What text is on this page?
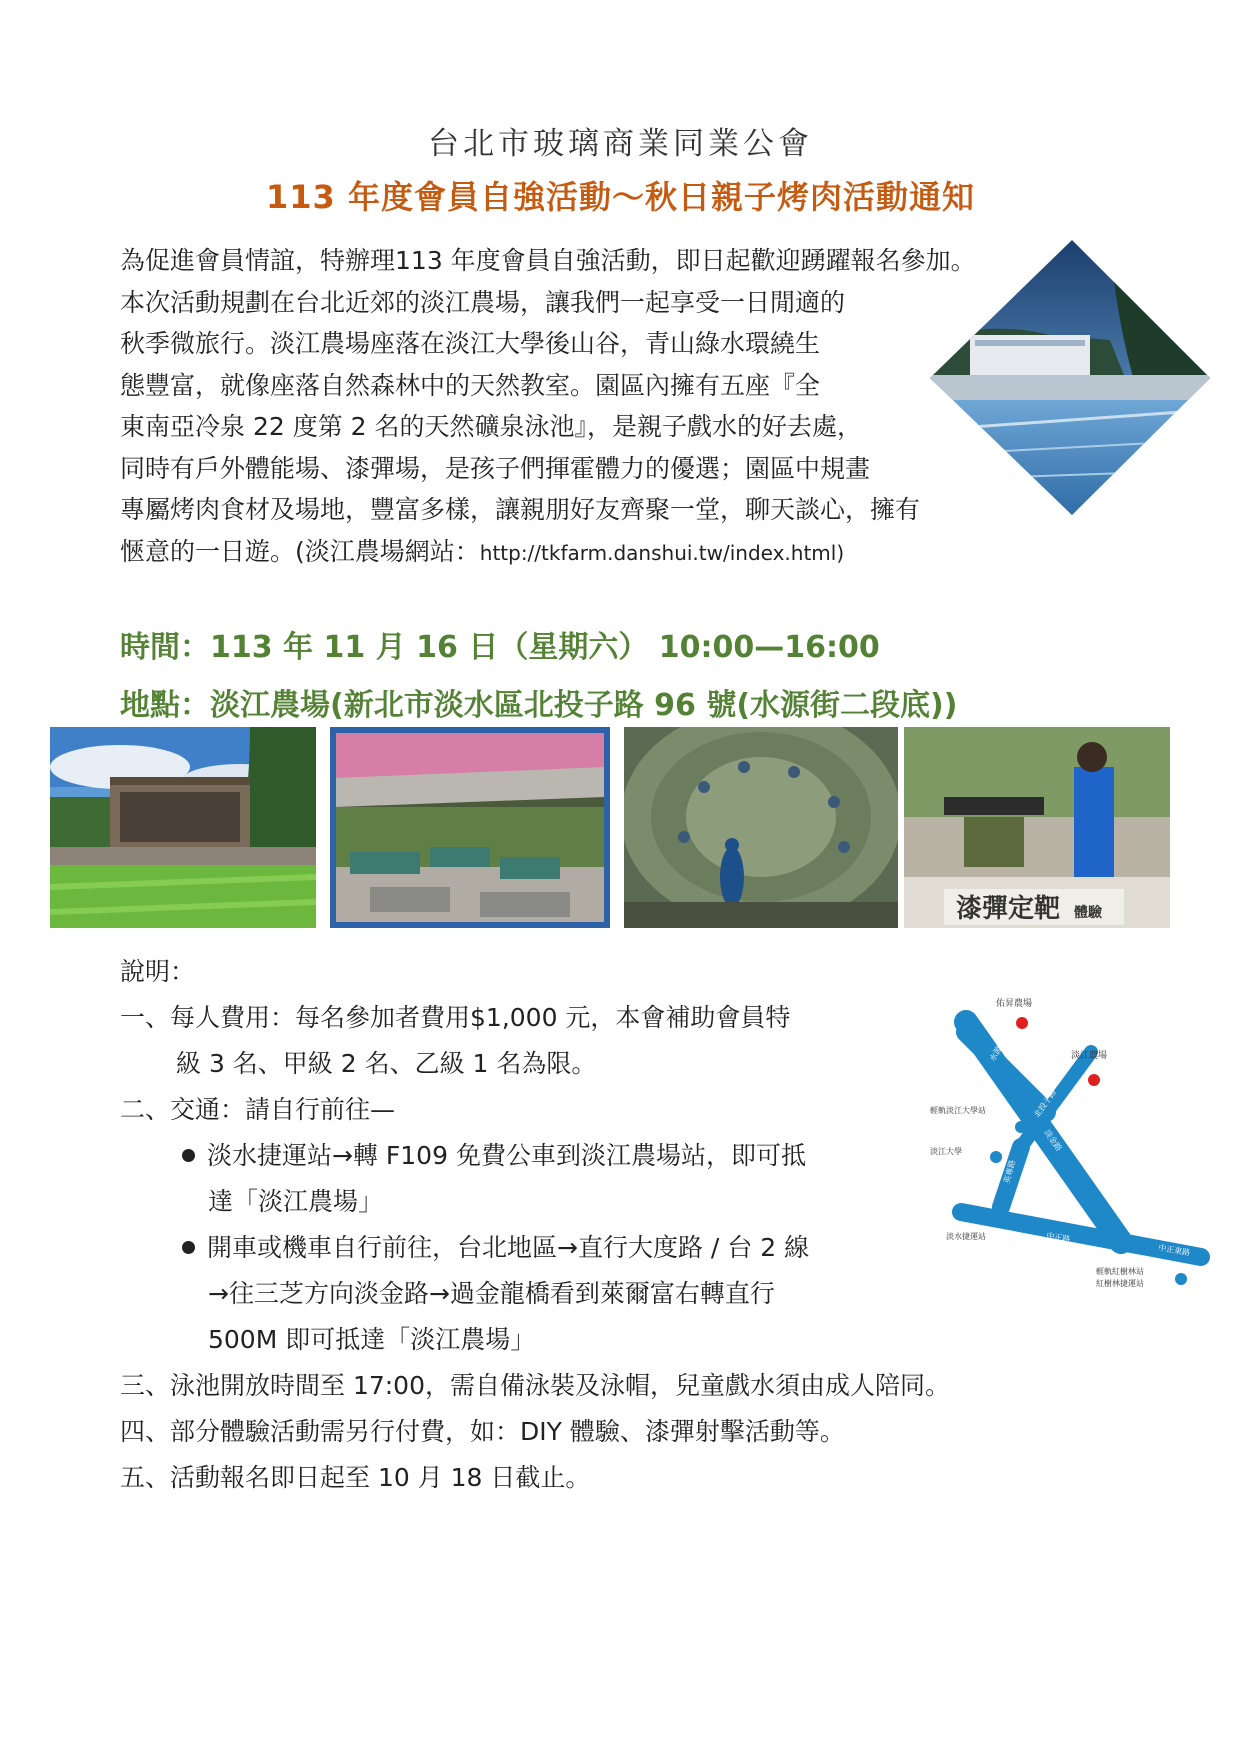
台北市玻璃商業同業公會
113 年度會員自強活動～秋日親子烤肉活動通知
為促進會員情誼，特辦理113 年度會員自強活動，即日起歡迎踴躍報名參加。
本次活動規劃在台北近郊的淡江農場，讓我們一起享受一日閒適的
秋季微旅行。淡江農場座落在淡江大學後山谷，青山綠水環繞生
態豐富，就像座落自然森林中的天然教室。園區內擁有五座『全
東南亞冷泉 22 度第 2 名的天然礦泉泳池』，是親子戲水的好去處，
同時有戶外體能場、漆彈場，是孩子們揮霍體力的優選；園區中規畫
專屬烤肉食材及場地，豐富多樣，讓親朋好友齊聚一堂，聊天談心，擁有
愜意的一日遊。(淡江農場網站：http://tkfarm.danshui.tw/index.html)
時間：113 年 11 月 16 日（星期六） 10:00—16:00
地點：淡江農場(新北市淡水區北投子路 96 號(水源街二段底))
漆彈定靶 體驗
佑昇農場
淡江農場
輕軌淡江大學站
淡江大學
淡水捷運站
輕軌紅樹林站
紅樹林捷運站
中正路
中正東路
水源街
北投子路
英專路
淡金路
說明：
一、每人費用：每名參加者費用$1,000 元，本會補助會員特
級 3 名、甲級 2 名、乙級 1 名為限。
二、交通：請自行前往—
淡水捷運站→轉 F109 免費公車到淡江農場站，即可抵
達「淡江農場」
開車或機車自行前往，台北地區→直行大度路 / 台 2 線
→往三芝方向淡金路→過金龍橋看到萊爾富右轉直行
500M 即可抵達「淡江農場」
三、泳池開放時間至 17:00，需自備泳裝及泳帽，兒童戲水須由成人陪同。
四、部分體驗活動需另行付費，如：DIY 體驗、漆彈射擊活動等。
五、活動報名即日起至 10 月 18 日截止。
